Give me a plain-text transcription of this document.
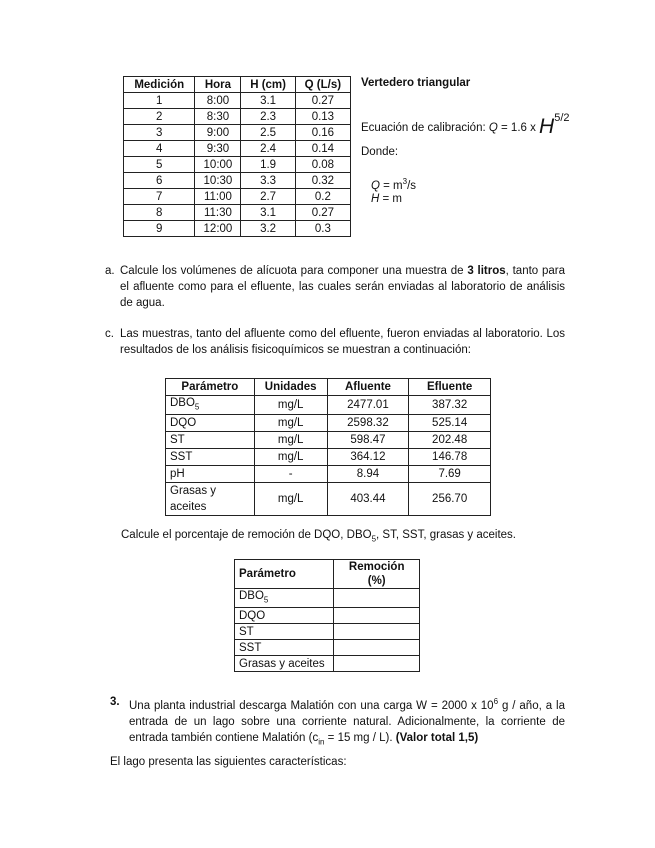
Medición	Hora	H (cm)	Q (L/s)
1	8:00	3.1	0.27
2	8:30	2.3	0.13
3	9:00	2.5	0.16
4	9:30	2.4	0.14
5	10:00	1.9	0.08
6	10:30	3.3	0.32
7	11:00	2.7	0.2
8	11:30	3.1	0.27
9	12:00	3.2	0.3
Vertedero triangular
Ecuación de calibración: Q = 1.6 x H5/2
Donde:
$Q = m^3/s$
H = m
a. Calcule los volúmenes de alícuota para componer una muestra de 3 litros, tanto para el afluente como para el efluente, las cuales serán enviadas al laboratorio de análisis de agua.
c. Las muestras, tanto del afluente como del efluente, fueron enviadas al laboratorio. Los resultados de los análisis fisicoquímicos se muestran a continuación:
Parámetro	Unidades	Afluente	Efluente
$DBO_5$	mg/L	2477.01	387.32
DQO	mg/L	2598.32	525.14
ST	mg/L	598.47	202.48
SST	mg/L	364.12	146.78
pH	-	8.94	7.69
Grasas y aceites	mg/L	403.44	256.70
Calcule el porcentaje de remoción de DQO, $DBO_5$, ST, SST, grasas y aceites.
Parámetro	Remoción (%)
$DBO_5$	
DQO	
ST	
SST	
Grasas y aceites	
3. Una planta industrial descarga Malatión con una carga W = 2000 x $10^6$ g / año, a la entrada de un lago sobre una corriente natural. Adicionalmente, la corriente de entrada también contiene Malatión ($c_{in} = 15$ mg / L). (Valor total 1,5)
El lago presenta las siguientes características:
